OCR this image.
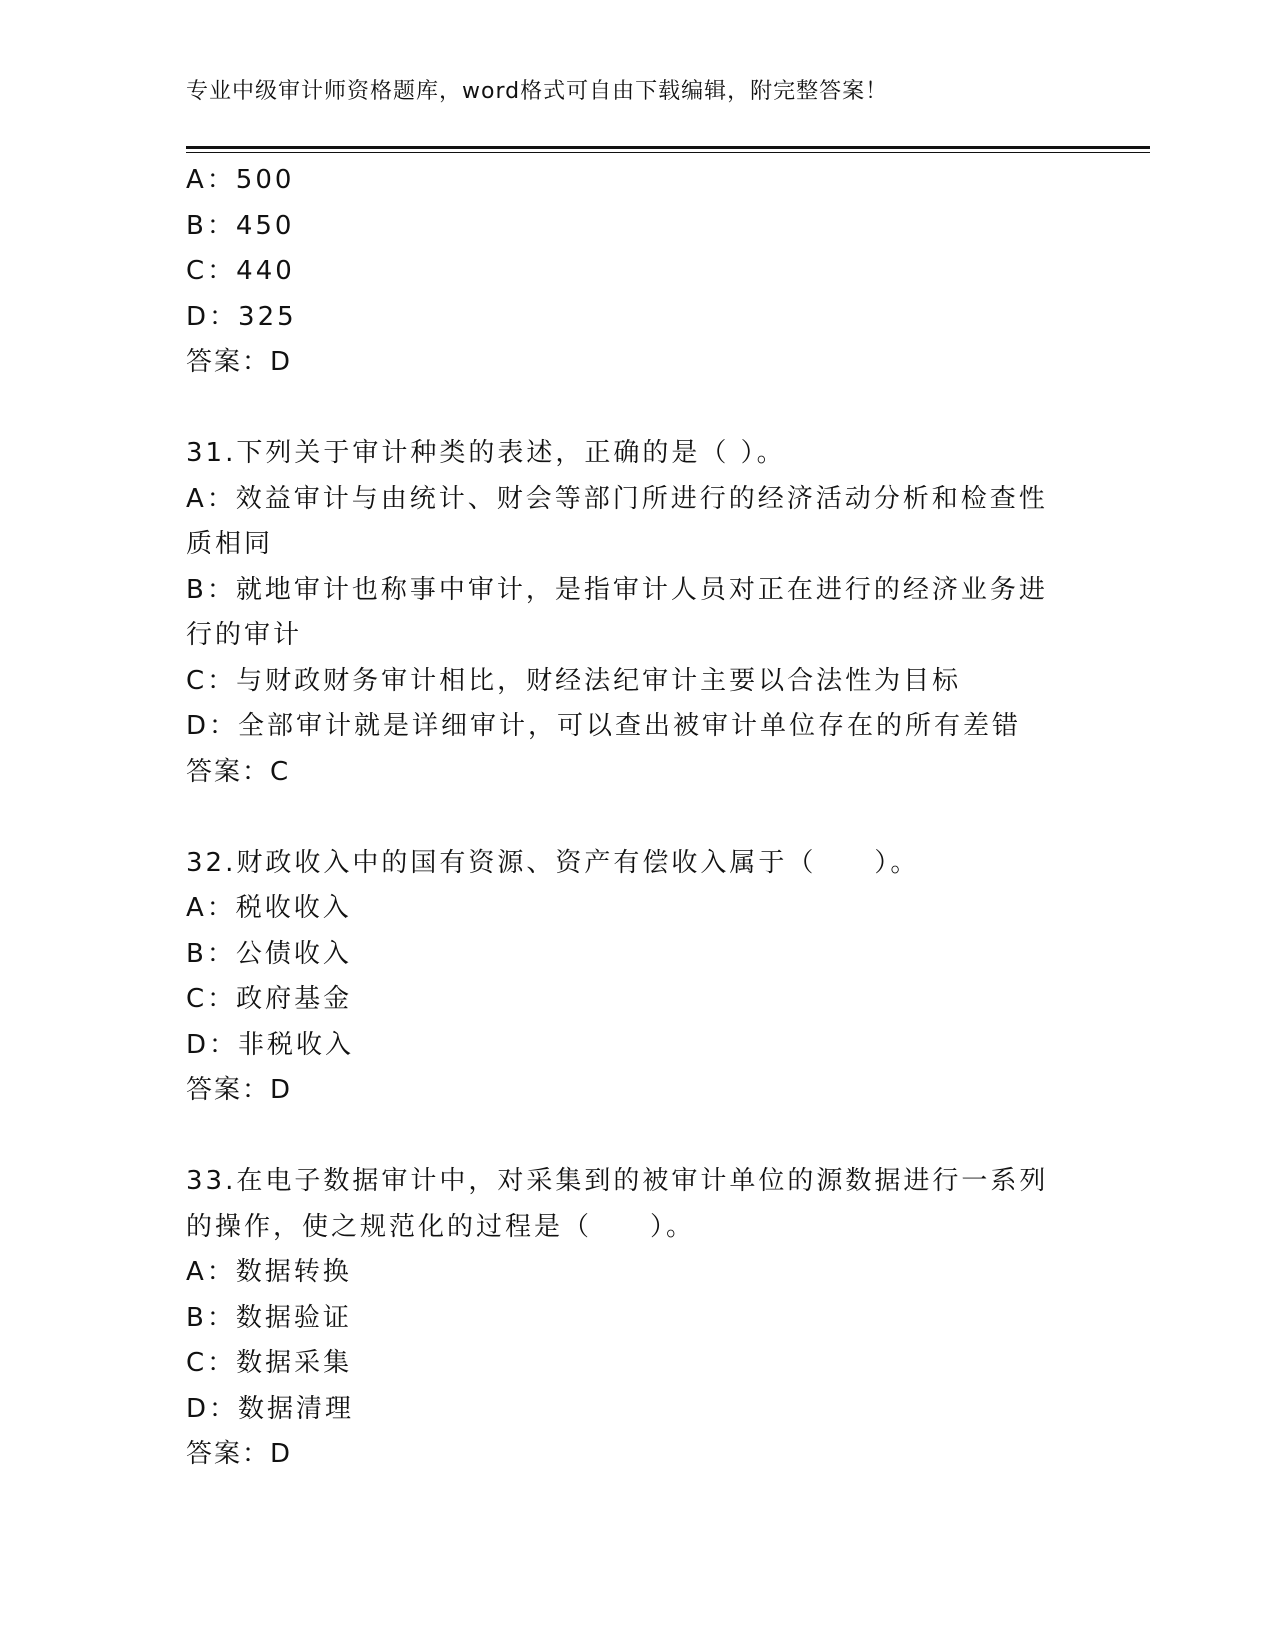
专业中级审计师资格题库，word格式可自由下载编辑，附完整答案！

A：500

B：450

C：440

D：325

答案：D

31.下列关于审计种类的表述，正确的是（ ）。

A：效益审计与由统计、财会等部门所进行的经济活动分析和检查性质相同

B：就地审计也称事中审计，是指审计人员对正在进行的经济业务进行的审计

C：与财政财务审计相比，财经法纪审计主要以合法性为目标

D：全部审计就是详细审计，可以查出被审计单位存在的所有差错

答案：C

32.财政收入中的国有资源、资产有偿收入属于（　　）。

A：税收收入

B：公债收入

C：政府基金

D：非税收入

答案：D

33.在电子数据审计中，对采集到的被审计单位的源数据进行一系列的操作，使之规范化的过程是（　　）。

A：数据转换

B：数据验证

C：数据采集

D：数据清理

答案：D
